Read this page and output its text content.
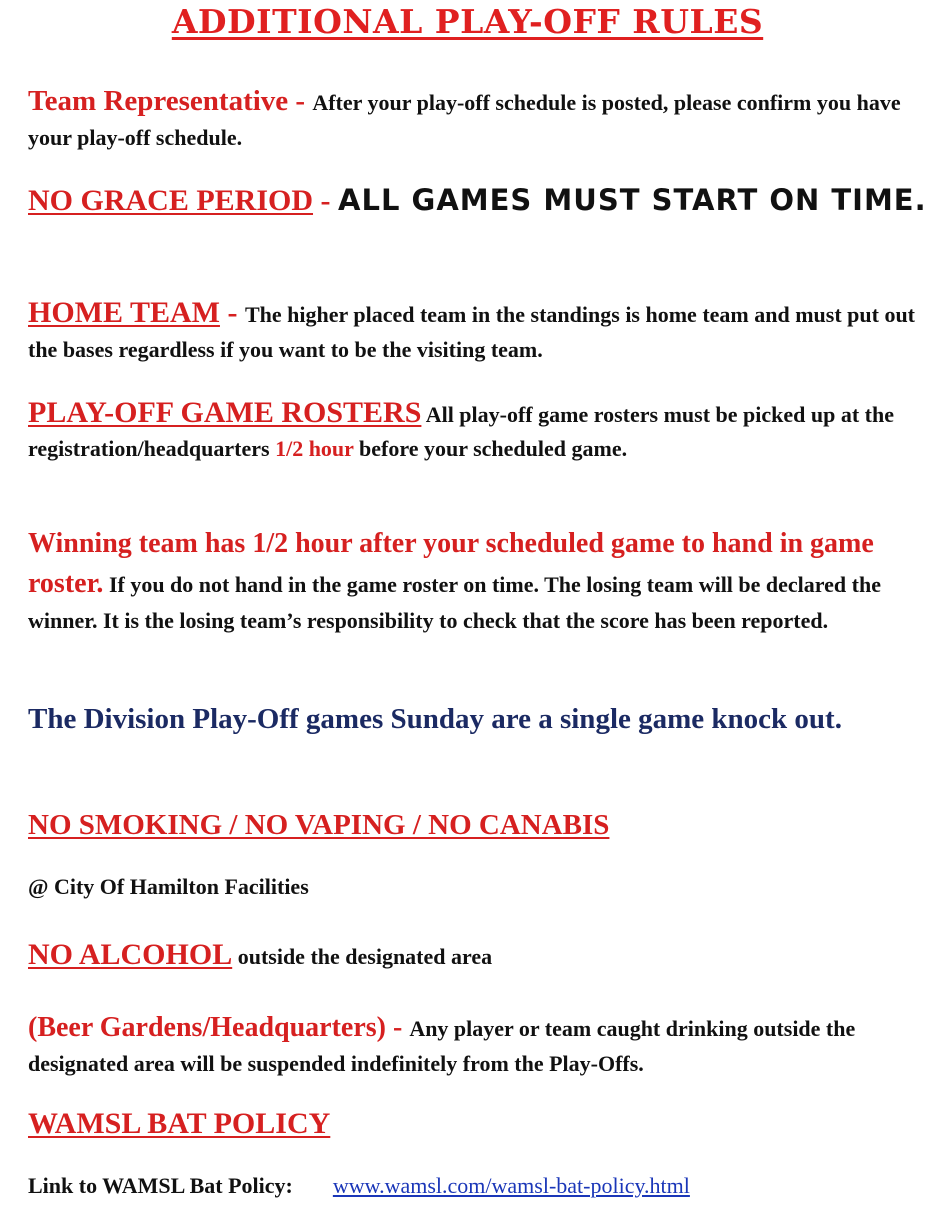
ADDITIONAL PLAY-OFF RULES

Team Representative - After your play-off schedule is posted, please confirm you have your play-off schedule.

NO GRACE PERIOD - ALL GAMES MUST START ON TIME.

HOME TEAM - The higher placed team in the standings is home team and must put out the bases regardless if you want to be the visiting team.

PLAY-OFF GAME ROSTERS All play-off game rosters must be picked up at the registration/headquarters 1/2 hour before your scheduled game.

Winning team has 1/2 hour after your scheduled game to hand in game roster. If you do not hand in the game roster on time. The losing team will be declared the winner. It is the losing team’s responsibility to check that the score has been reported.

The Division Play-Off games Sunday are a single game knock out.

NO SMOKING / NO VAPING / NO CANABIS

@ City Of Hamilton Facilities

NO ALCOHOL outside the designated area

(Beer Gardens/Headquarters) - Any player or team caught drinking outside the designated area will be suspended indefinitely from the Play-Offs.

WAMSL BAT POLICY

Link to WAMSL Bat Policy: www.wamsl.com/wamsl-bat-policy.html
